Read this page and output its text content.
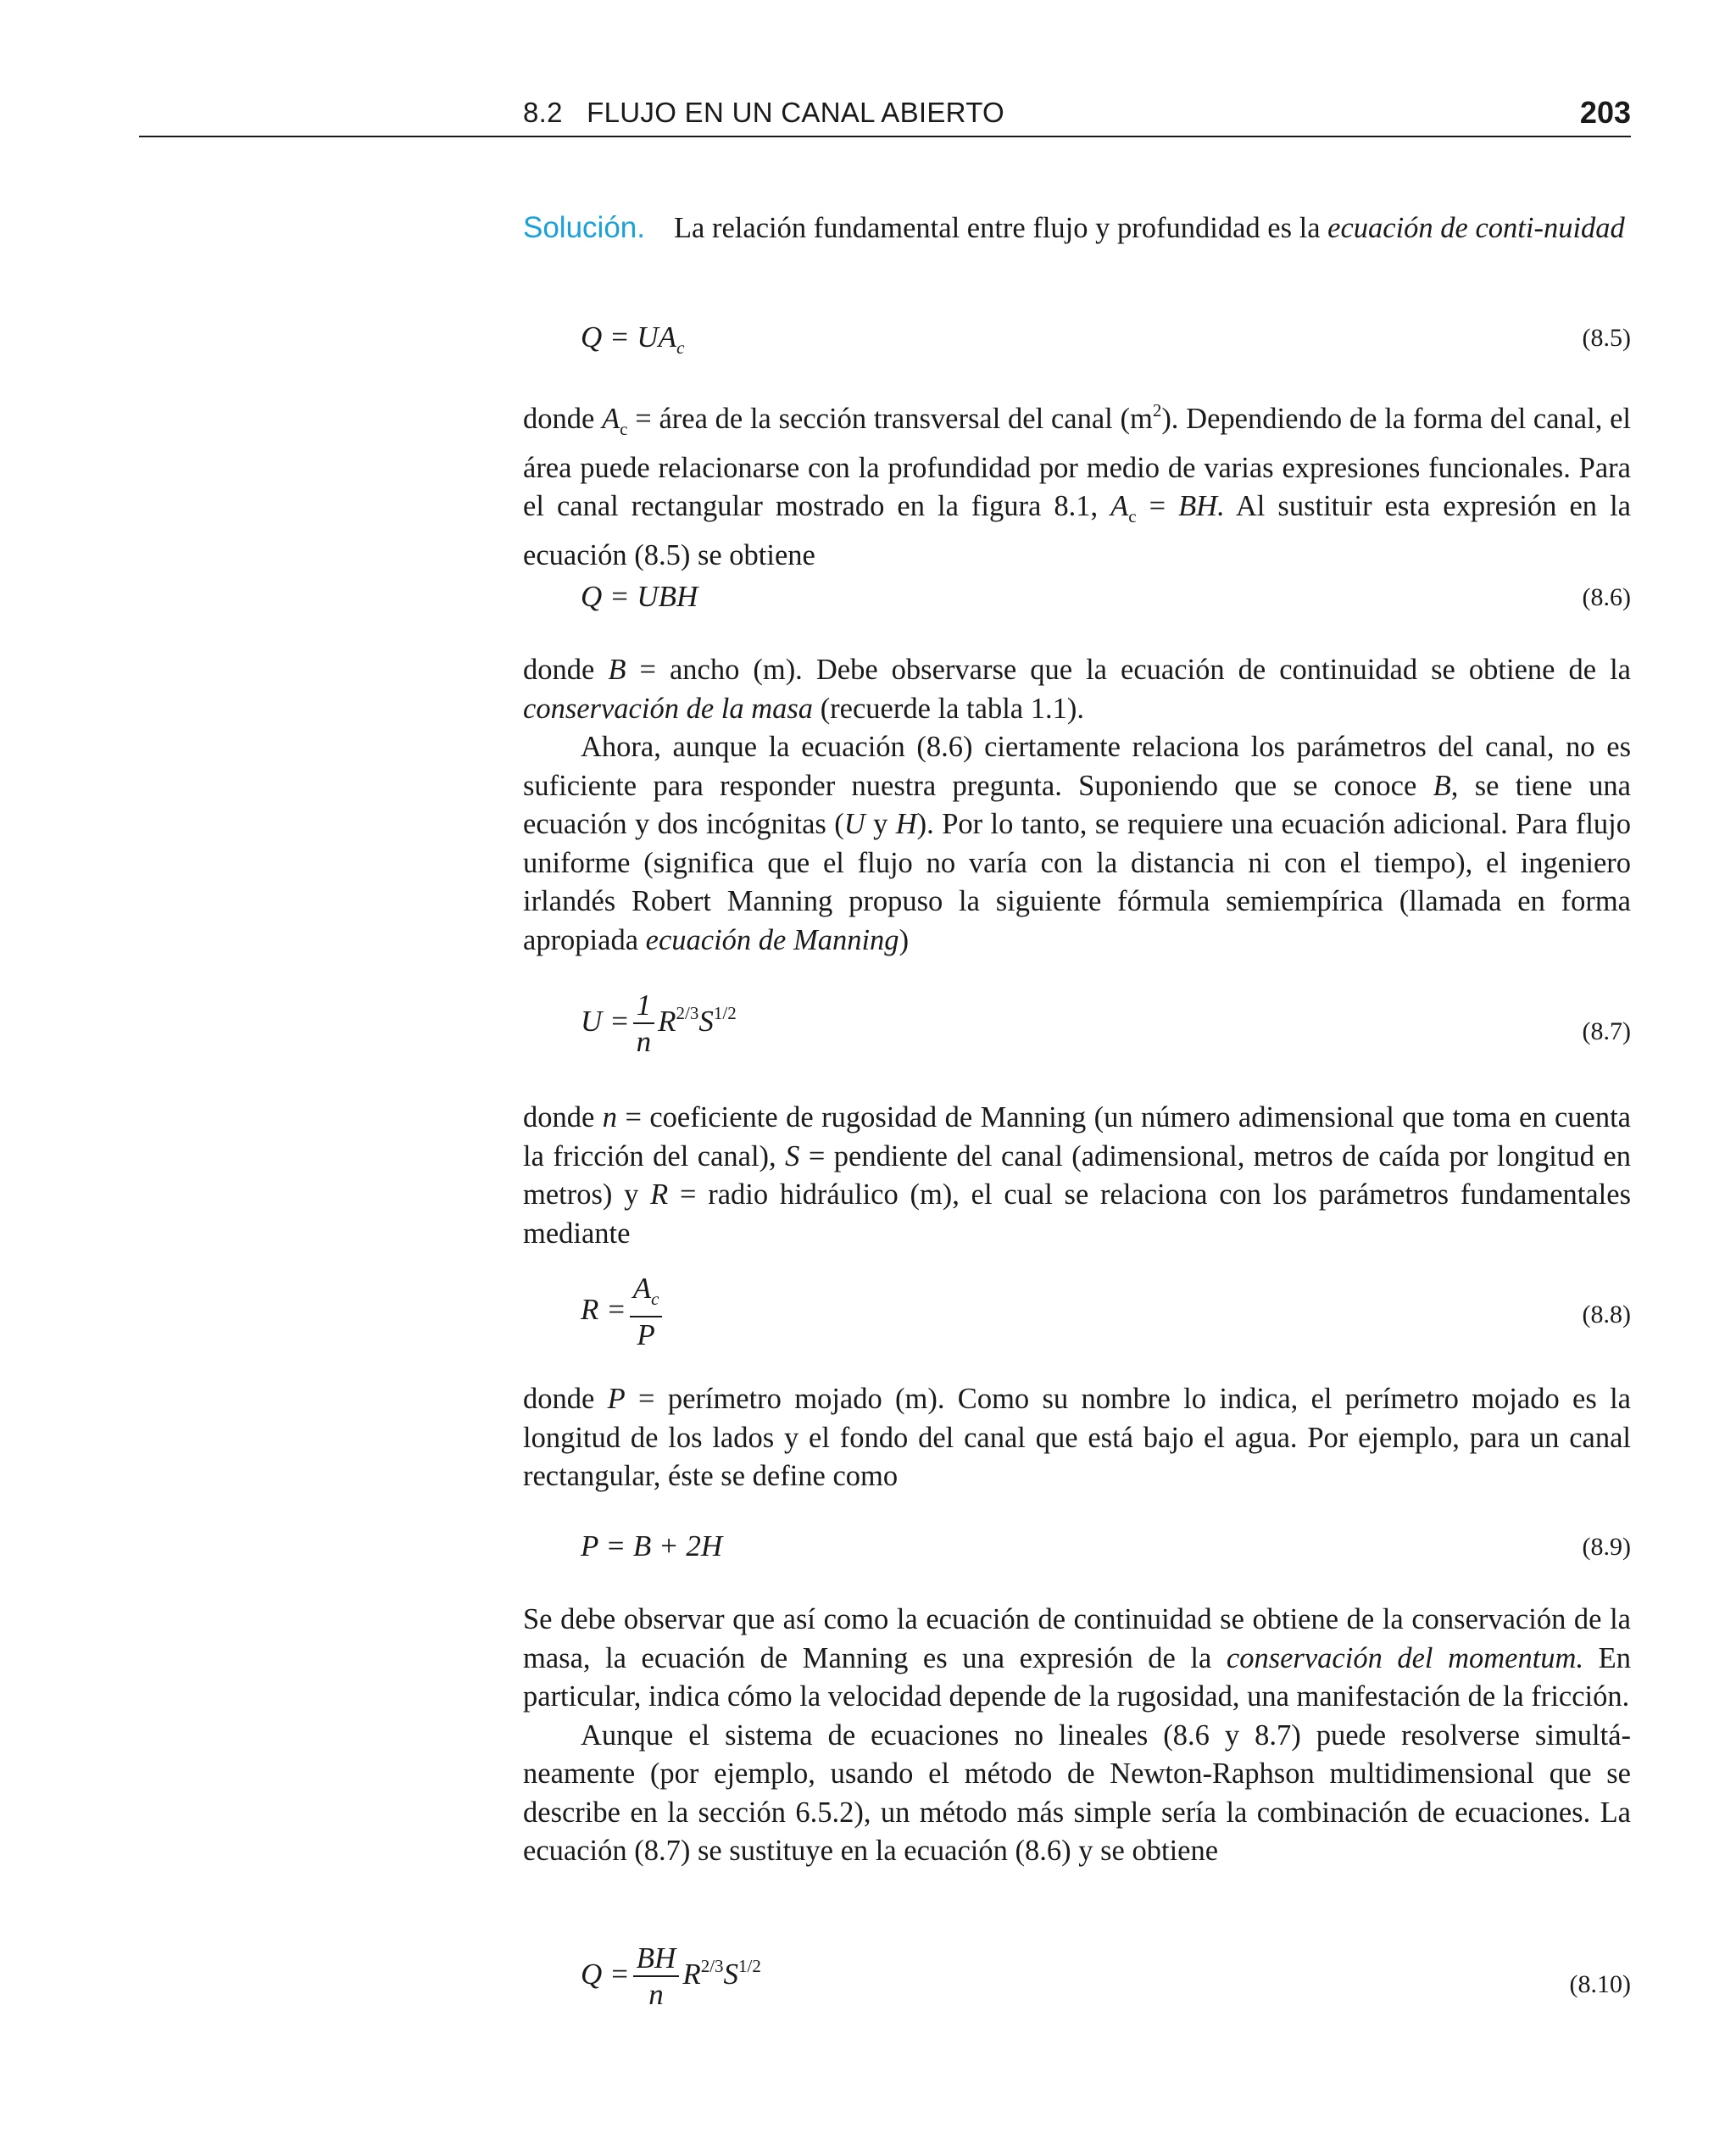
8.2   FLUJO EN UN CANAL ABIERTO	203

Solución. La relación fundamental entre flujo y profundidad es la ecuación de conti-nuidad

$Q = UA_c$	(8.5)

donde $A_c$ = área de la sección transversal del canal $(m^2)$. Dependiendo de la forma del canal, el área puede relacionarse con la profundidad por medio de varias expresiones funcionales. Para el canal rectangular mostrado en la figura 8.1, $A_c$ = BH. Al sustituir esta expresión en la ecuación (8.5) se obtiene

Q = UBH	(8.6)

donde B = ancho (m). Debe observarse que la ecuación de continuidad se obtiene de la conservación de la masa (recuerde la tabla 1.1).

Ahora, aunque la ecuación (8.6) ciertamente relaciona los parámetros del canal, no es suficiente para responder nuestra pregunta. Suponiendo que se conoce B, se tiene una ecuación y dos incógnitas (U y H). Por lo tanto, se requiere una ecuación adicional. Para flujo uniforme (significa que el flujo no varía con la distancia ni con el tiempo), el ingeniero irlandés Robert Manning propuso la siguiente fórmula semiempírica (llamada en forma apropiada ecuación de Manning)

$U = \frac{1}{n} R^{2/3}S^{1/2}$
(8.7)

donde n = coeficiente de rugosidad de Manning (un número adimensional que toma en cuenta la fricción del canal), S = pendiente del canal (adimensional, metros de caída por longitud en metros) y R = radio hidráulico (m), el cual se relaciona con los parámetros fundamentales mediante

$R = \frac{A_c}{P}$	(8.8)

donde P = perímetro mojado (m). Como su nombre lo indica, el perímetro mojado es la longitud de los lados y el fondo del canal que está bajo el agua. Por ejemplo, para un canal rectangular, éste se define como

P = B + 2H	(8.9)

Se debe observar que así como la ecuación de continuidad se obtiene de la conservación de la masa, la ecuación de Manning es una expresión de la conservación del momentum. En particular, indica cómo la velocidad depende de la rugosidad, una manifestación de la fricción.

Aunque el sistema de ecuaciones no lineales (8.6 y 8.7) puede resolverse simultá-neamente (por ejemplo, usando el método de Newton-Raphson multidimensional que se describe en la sección 6.5.2), un método más simple sería la combinación de ecuaciones. La ecuación (8.7) se sustituye en la ecuación (8.6) y se obtiene

$Q = \frac{BH}{n} R^{2/3}S^{1/2}$
(8.10)
